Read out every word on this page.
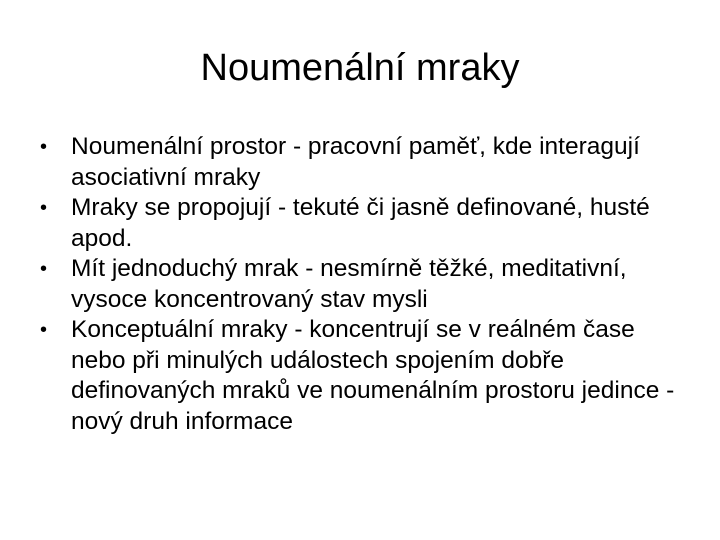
Noumenální mraky
• Noumenální prostor - pracovní paměť, kde interagují asociativní mraky
• Mraky se propojují - tekuté či jasně definované, husté apod.
• Mít jednoduchý mrak - nesmírně těžké, meditativní, vysoce koncentrovaný stav mysli
• Konceptuální mraky - koncentrují se v reálném čase nebo při minulých událostech spojením dobře definovaných mraků ve noumenálním prostoru jedince - nový druh informace
